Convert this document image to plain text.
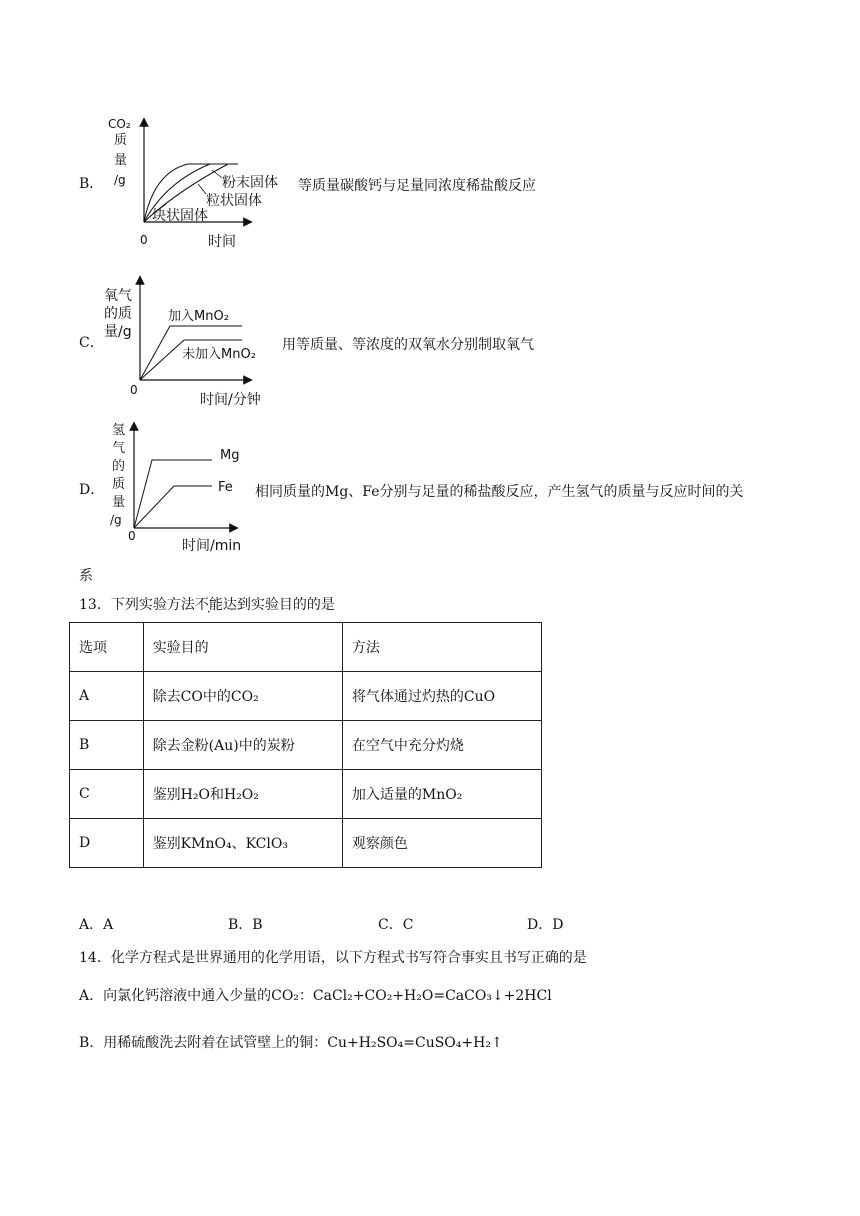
B．
CO₂
质
量
/g
0	时间
粉末固体
粒状固体
块状固体
等质量碳酸钙与足量同浓度稀盐酸反应
C．
氧气
的质
量/g
0
时间/分钟
加入MnO₂
未加入MnO₂
用等质量、等浓度的双氧水分别制取氧气
D．
氢
气
的
质
量
/g
0
时间/min
Mg
Fe 相同质量的Mg、Fe分别与足量的稀盐酸反应，产生氢气的质量与反应时间的关
系
13．下列实验方法不能达到实验目的的是
选项	实验目的	方法
A	除去CO中的CO₂	将气体通过灼热的CuO
B	除去金粉(Au)中的炭粉	在空气中充分灼烧
C	鉴别H₂O和H₂O₂	加入适量的MnO₂
D	鉴别KMnO₄、KClO₃	观察颜色
A．A	B．B	C．C	D．D
14．化学方程式是世界通用的化学用语，以下方程式书写符合事实且书写正确的是
A．向氯化钙溶液中通入少量的CO₂：CaCl₂+CO₂+H₂O=CaCO₃↓+2HCl
B．用稀硫酸洗去附着在试管壁上的铜：Cu+H₂SO₄=CuSO₄+H₂↑
